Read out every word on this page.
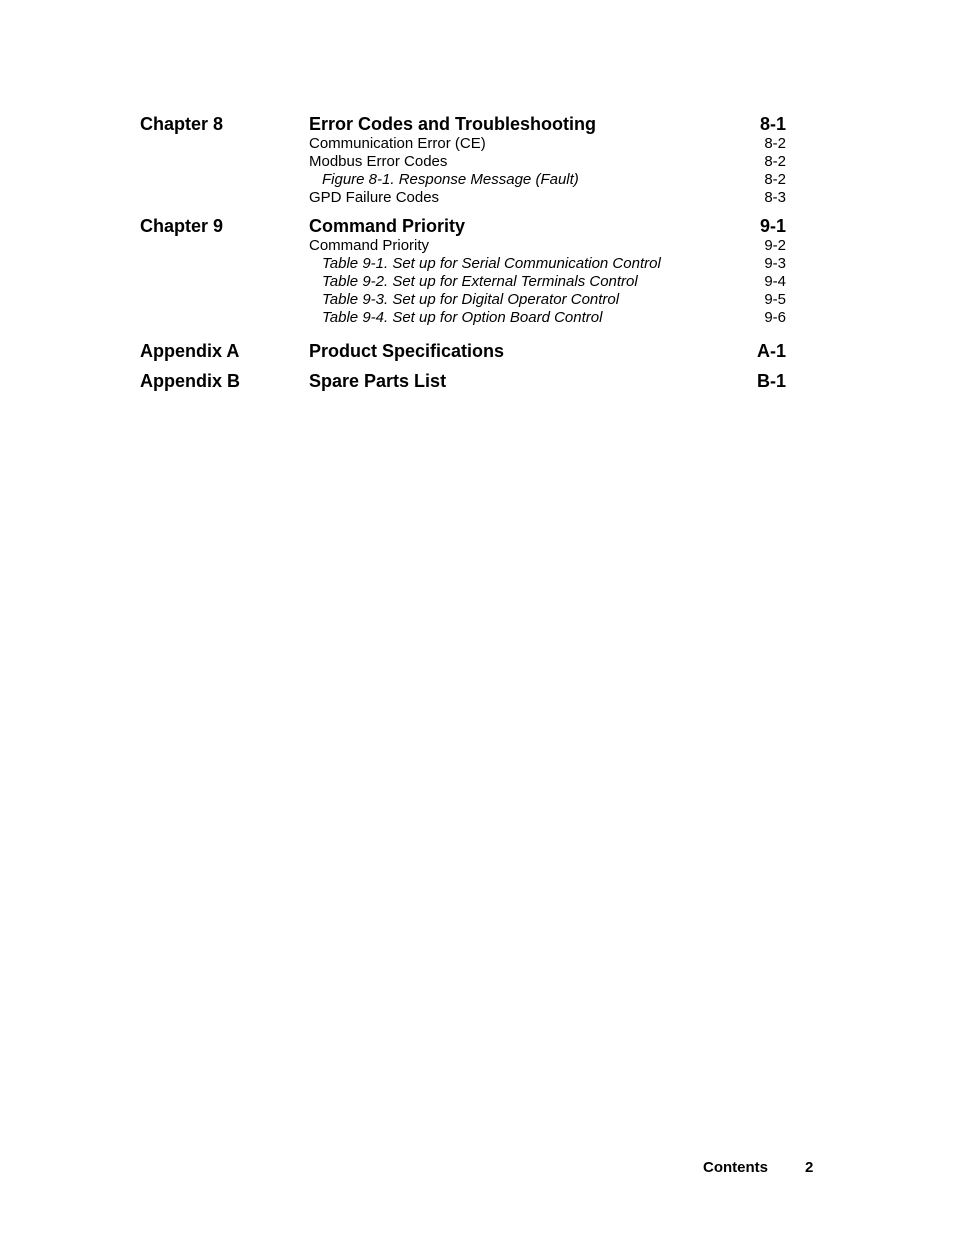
Chapter 8	Error Codes and Troubleshooting	8-1
Communication Error (CE)	8-2
Modbus Error Codes	8-2
Figure 8-1. Response Message (Fault)	8-2
GPD Failure Codes	8-3
Chapter 9	Command Priority	9-1
Command Priority	9-2
Table 9-1. Set up for Serial Communication Control	9-3
Table 9-2. Set up for External Terminals Control	9-4
Table 9-3. Set up for Digital Operator Control	9-5
Table 9-4. Set up for Option Board Control	9-6
Appendix A	Product Specifications	A-1
Appendix B	Spare Parts List	B-1
Contents 2
